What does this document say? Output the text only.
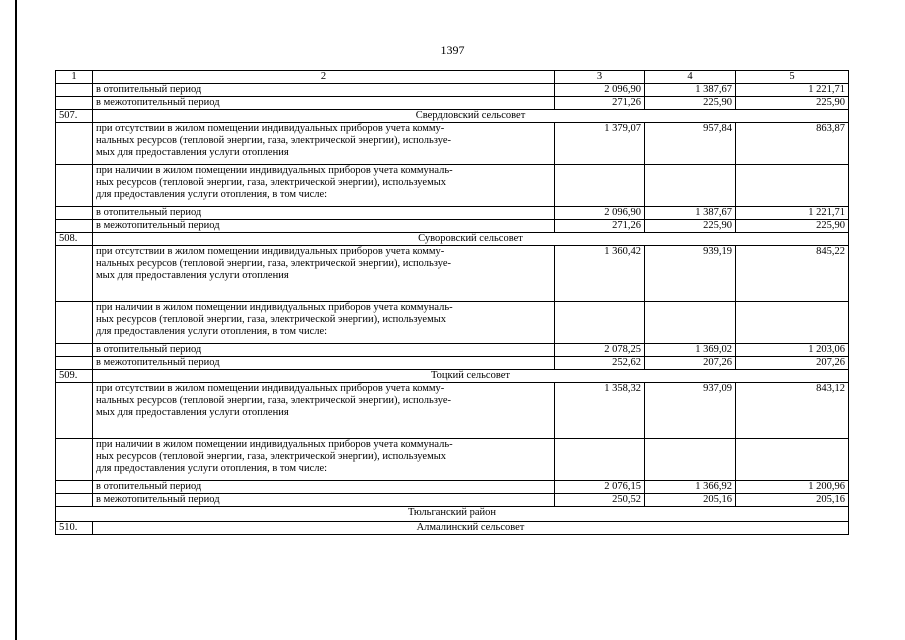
1397
1	2	3	4	5
	в отопительный период	2 096,90	1 387,67	1 221,71
	в межотопительный период	271,26	225,90	225,90
507.	Свердловский сельсовет			

	при отсутствии в жилом помещении индивидуальных приборов учета комму-
нальных ресурсов (тепловой энергии, газа, электрической энергии), используе-
мых для предоставления услуги отопления	1 379,07	957,84	863,87

	при наличии в жилом помещении индивидуальных приборов учета коммуналь-
ных ресурсов (тепловой энергии, газа, электрической энергии), используемых
для предоставления услуги отопления, в том числе:			

	в отопительный период	2 096,90	1 387,67	1 221,71
	в межотопительный период	271,26	225,90	225,90
508.	Суворовский сельсовет			

	при отсутствии в жилом помещении индивидуальных приборов учета комму-
нальных ресурсов (тепловой энергии, газа, электрической энергии), используе-
мых для предоставления услуги отопления	1 360,42	939,19	845,22

	при наличии в жилом помещении индивидуальных приборов учета коммуналь-
ных ресурсов (тепловой энергии, газа, электрической энергии), используемых
для предоставления услуги отопления, в том числе:			

	в отопительный период	2 078,25	1 369,02	1 203,06
	в межотопительный период	252,62	207,26	207,26
509.	Тоцкий сельсовет			

	при отсутствии в жилом помещении индивидуальных приборов учета комму-
нальных ресурсов (тепловой энергии, газа, электрической энергии), используе-
мых для предоставления услуги отопления	1 358,32	937,09	843,12

	при наличии в жилом помещении индивидуальных приборов учета коммуналь-
ных ресурсов (тепловой энергии, газа, электрической энергии), используемых
для предоставления услуги отопления, в том числе:			

	в отопительный период	2 076,15	1 366,92	1 200,96
	в межотопительный период	250,52	205,16	205,16
Тюльганский район				
510.	Алмалинский сельсовет			
